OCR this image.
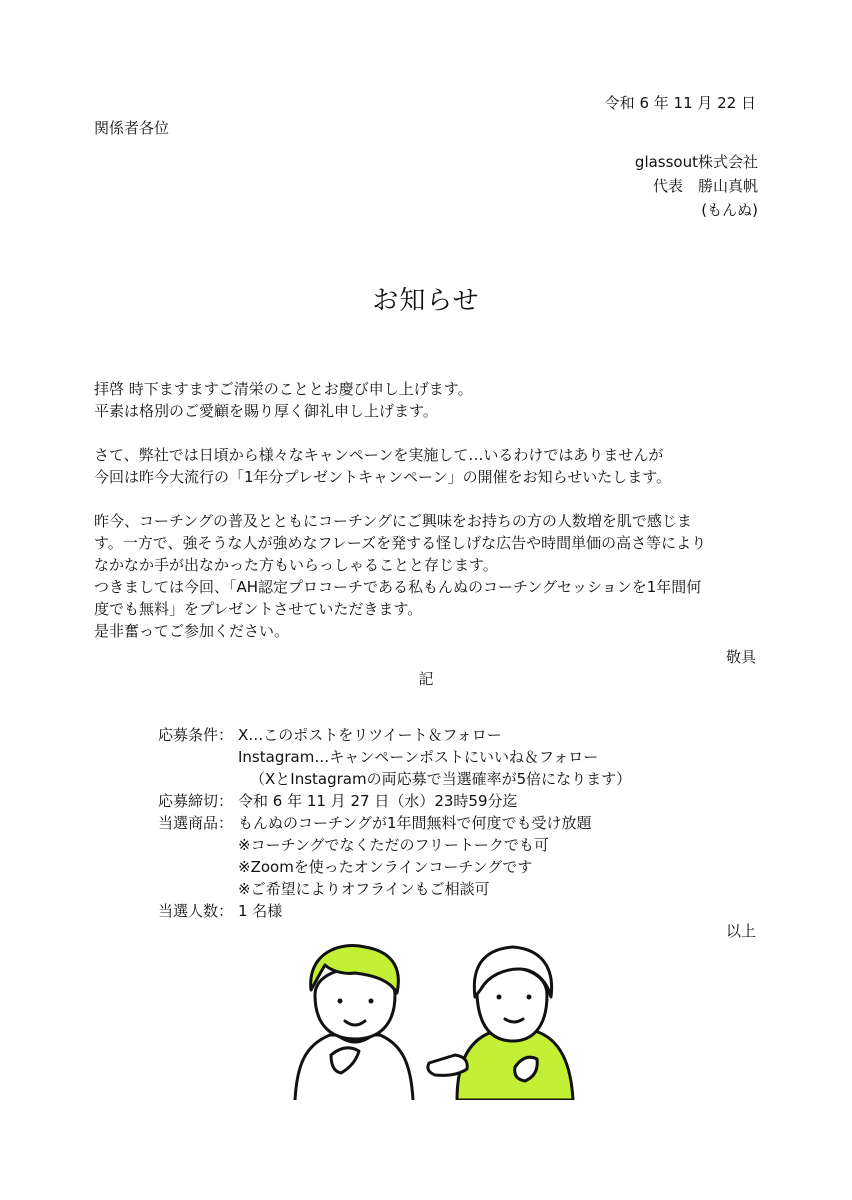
令和 6 年 11 月 22 日
関係者各位
glassout株式会社
代表　勝山真帆
(もんぬ)
お知らせ

拝啓 時下ますますご清栄のこととお慶び申し上げます。
平素は格別のご愛顧を賜り厚く御礼申し上げます。

さて、弊社では日頃から様々なキャンペーンを実施して…いるわけではありませんが
今回は昨今大流行の「1年分プレゼントキャンペーン」の開催をお知らせいたします。

昨今、コーチングの普及とともにコーチングにご興味をお持ちの方の人数増を肌で感じま
す。一方で、強そうな人が強めなフレーズを発する怪しげな広告や時間単価の高さ等により
なかなか手が出なかった方もいらっしゃることと存じます。
つきましては今回、「AH認定プロコーチである私もんぬのコーチングセッションを1年間何
度でも無料」をプレゼントさせていただきます。
是非奮ってご参加ください。

敬具
記
応募条件： X…このポストをリツイート＆フォロー
Instagram…キャンペーンポストにいいね＆フォロー
（XとInstagramの両応募で当選確率が5倍になります）
応募締切： 令和 6 年 11 月 27 日（水）23時59分迄
当選商品： もんぬのコーチングが1年間無料で何度でも受け放題
※コーチングでなくただのフリートークでも可
※Zoomを使ったオンラインコーチングです
※ご希望によりオフラインもご相談可
当選人数： 1 名様
以上
